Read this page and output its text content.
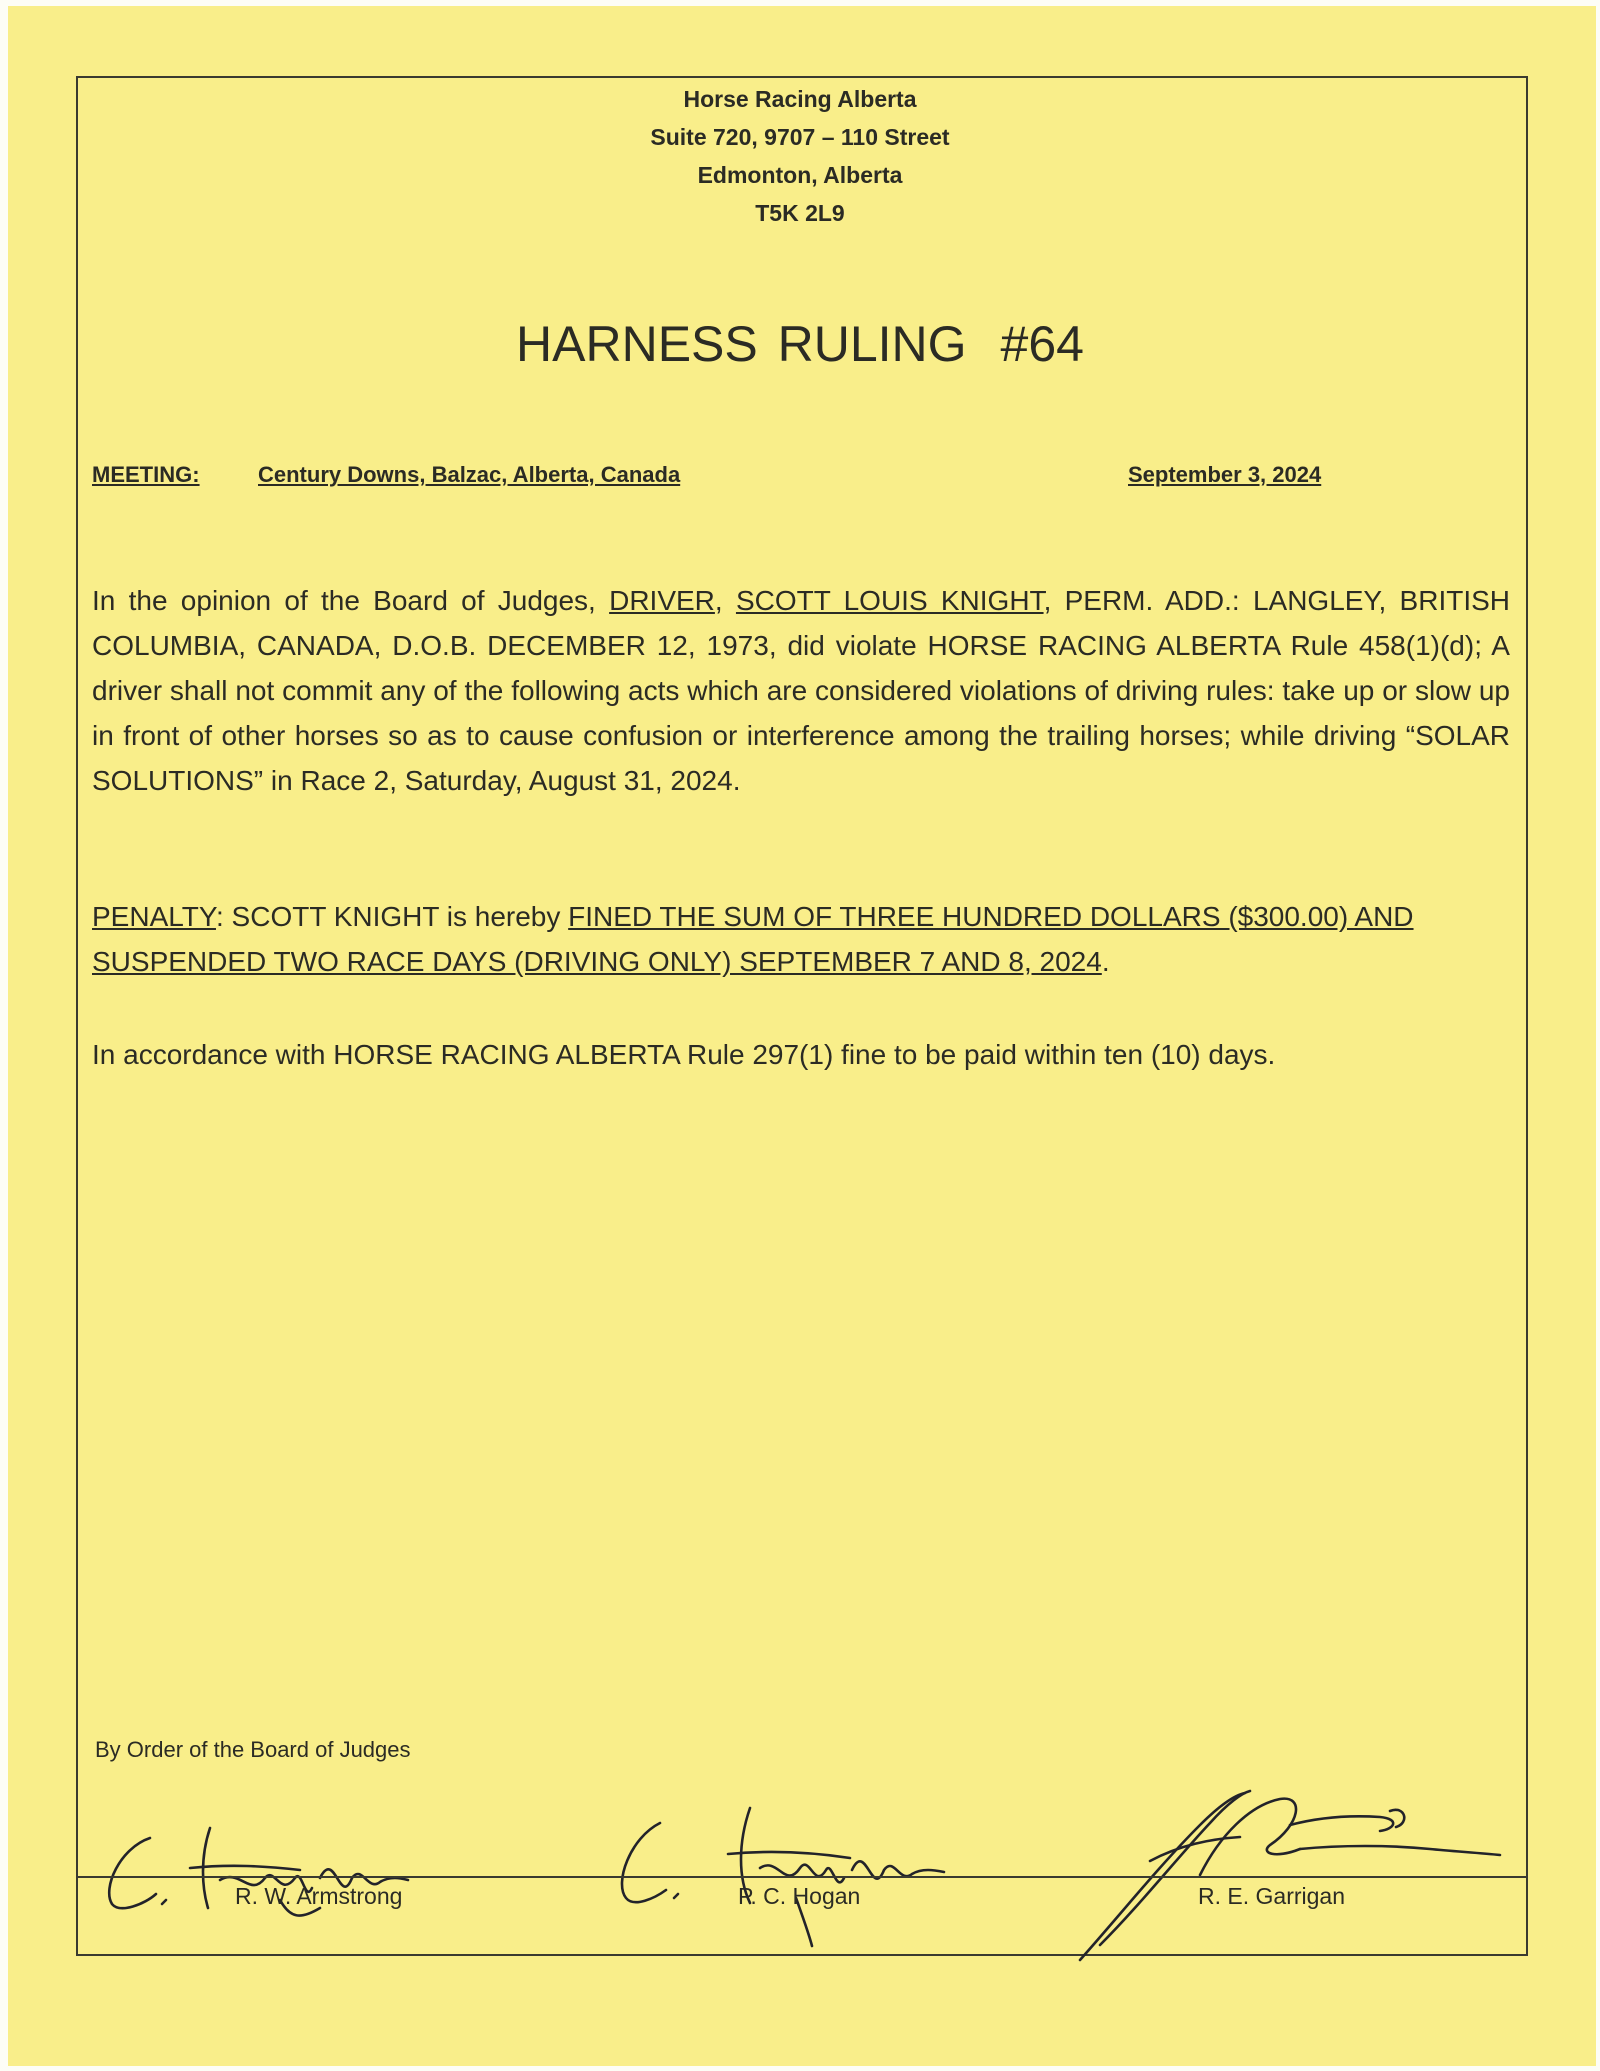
Horse Racing Alberta
Suite 720, 9707 – 110 Street
Edmonton, Alberta
T5K 2L9
HARNESS RULING #64
MEETING:	Century Downs, Balzac, Alberta, Canada	September 3, 2024
In the opinion of the Board of Judges, DRIVER, SCOTT LOUIS KNIGHT, PERM. ADD.: LANGLEY, BRITISH COLUMBIA, CANADA, D.O.B. DECEMBER 12, 1973, did violate HORSE RACING ALBERTA Rule 458(1)(d); A driver shall not commit any of the following acts which are considered violations of driving rules: take up or slow up in front of other horses so as to cause confusion or interference among the trailing horses; while driving “SOLAR SOLUTIONS” in Race 2, Saturday, August 31, 2024.
PENALTY: SCOTT KNIGHT is hereby FINED THE SUM OF THREE HUNDRED DOLLARS ($300.00) AND SUSPENDED TWO RACE DAYS (DRIVING ONLY) SEPTEMBER 7 AND 8, 2024.
In accordance with HORSE RACING ALBERTA Rule 297(1) fine to be paid within ten (10) days.
By Order of the Board of Judges
R. W. Armstrong	P. C. Hogan	R. E. Garrigan
